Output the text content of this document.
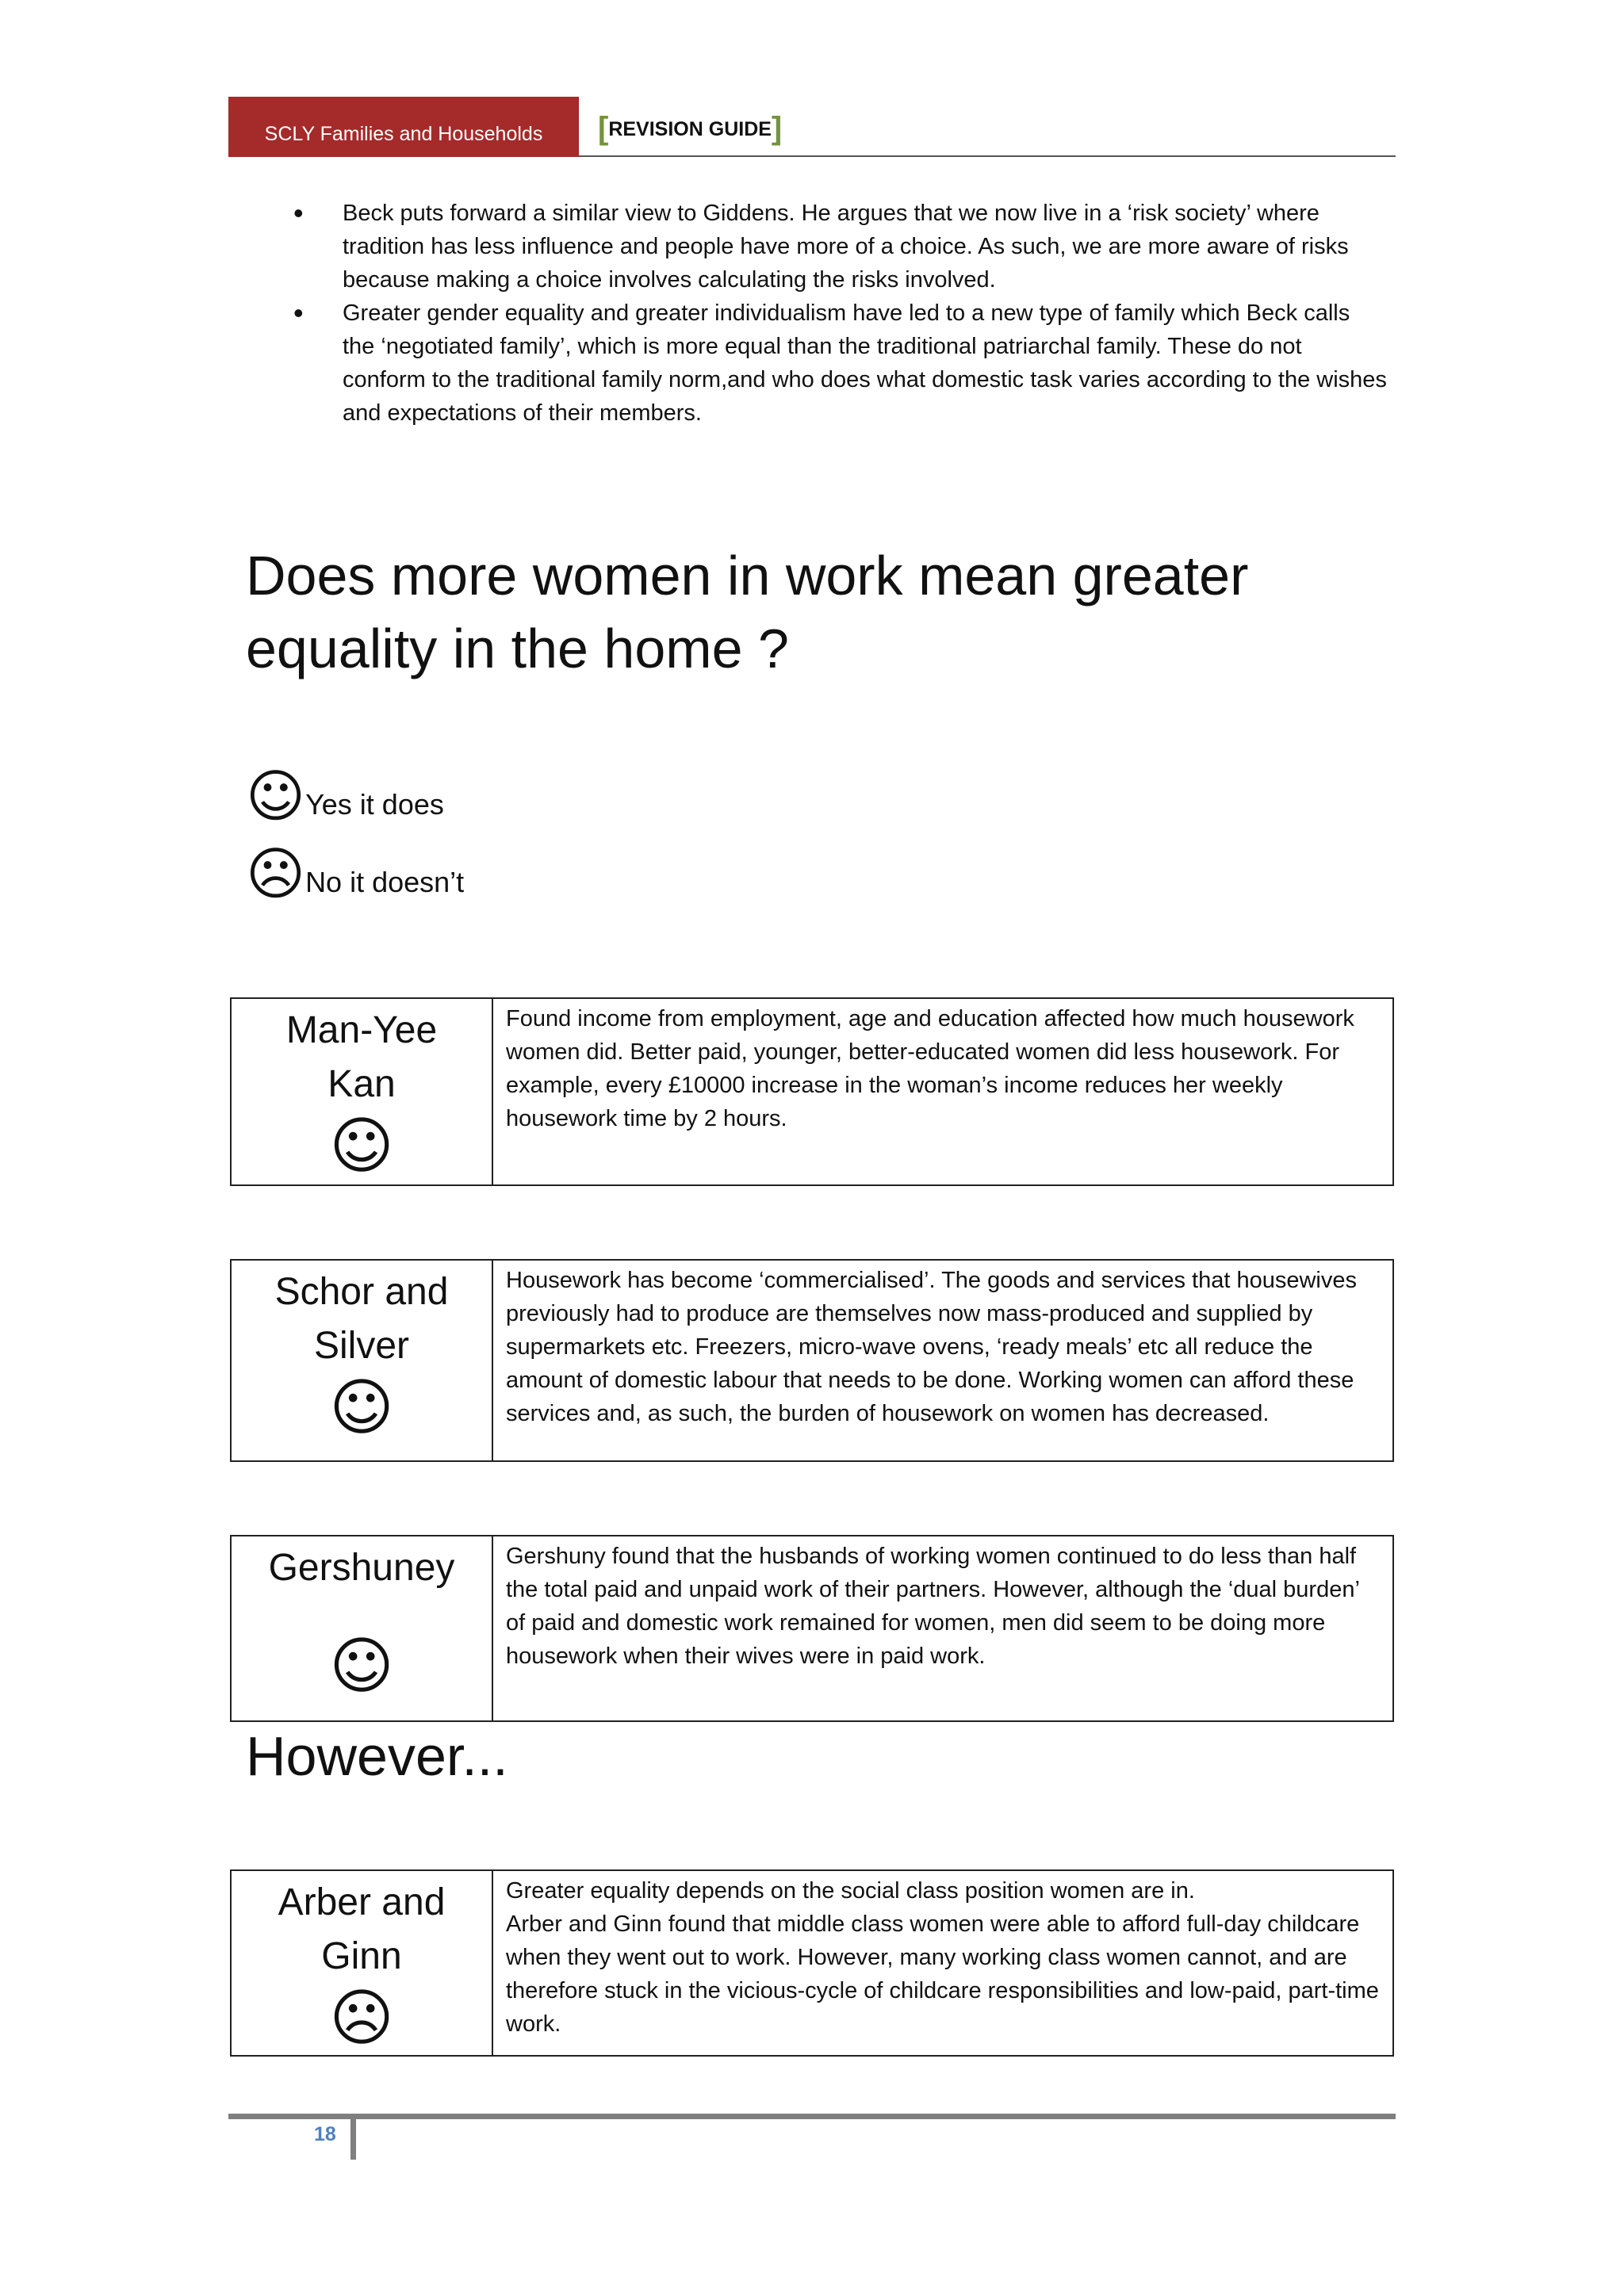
SCLY Families and Households [REVISION GUIDE]
• Beck puts forward a similar view to Giddens. He argues that we now live in a ‘risk society’ where tradition has less influence and people have more of a choice. As such, we are more aware of risks because making a choice involves calculating the risks involved.
• Greater gender equality and greater individualism have led to a new type of family which Beck calls the ‘negotiated family’, which is more equal than the traditional patriarchal family. These do not conform to the traditional family norm,and who does what domestic task varies according to the wishes and expectations of their members.
Does more women in work mean greater equality in the home ?
☺ Yes it does
☹ No it doesn’t
Man-Yee
Kan
☺
Found income from employment, age and education affected how much housework women did. Better paid, younger, better-educated women did less housework. For example, every £10000 increase in the woman’s income reduces her weekly housework time by 2 hours.
Schor and
Silver
☺
Housework has become ‘commercialised’. The goods and services that housewives previously had to produce are themselves now mass-produced and supplied by supermarkets etc. Freezers, micro-wave ovens, ‘ready meals’ etc all reduce the amount of domestic labour that needs to be done. Working women can afford these services and, as such, the burden of housework on women has decreased.
Gershuney
☺
Gershuny found that the husbands of working women continued to do less than half the total paid and unpaid work of their partners. However, although the ‘dual burden’ of paid and domestic work remained for women, men did seem to be doing more housework when their wives were in paid work.
However...
Arber and
Ginn
☹
Greater equality depends on the social class position women are in.
Arber and Ginn found that middle class women were able to afford full-day childcare when they went out to work. However, many working class women cannot, and are therefore stuck in the vicious-cycle of childcare responsibilities and low-paid, part-time work.
18
